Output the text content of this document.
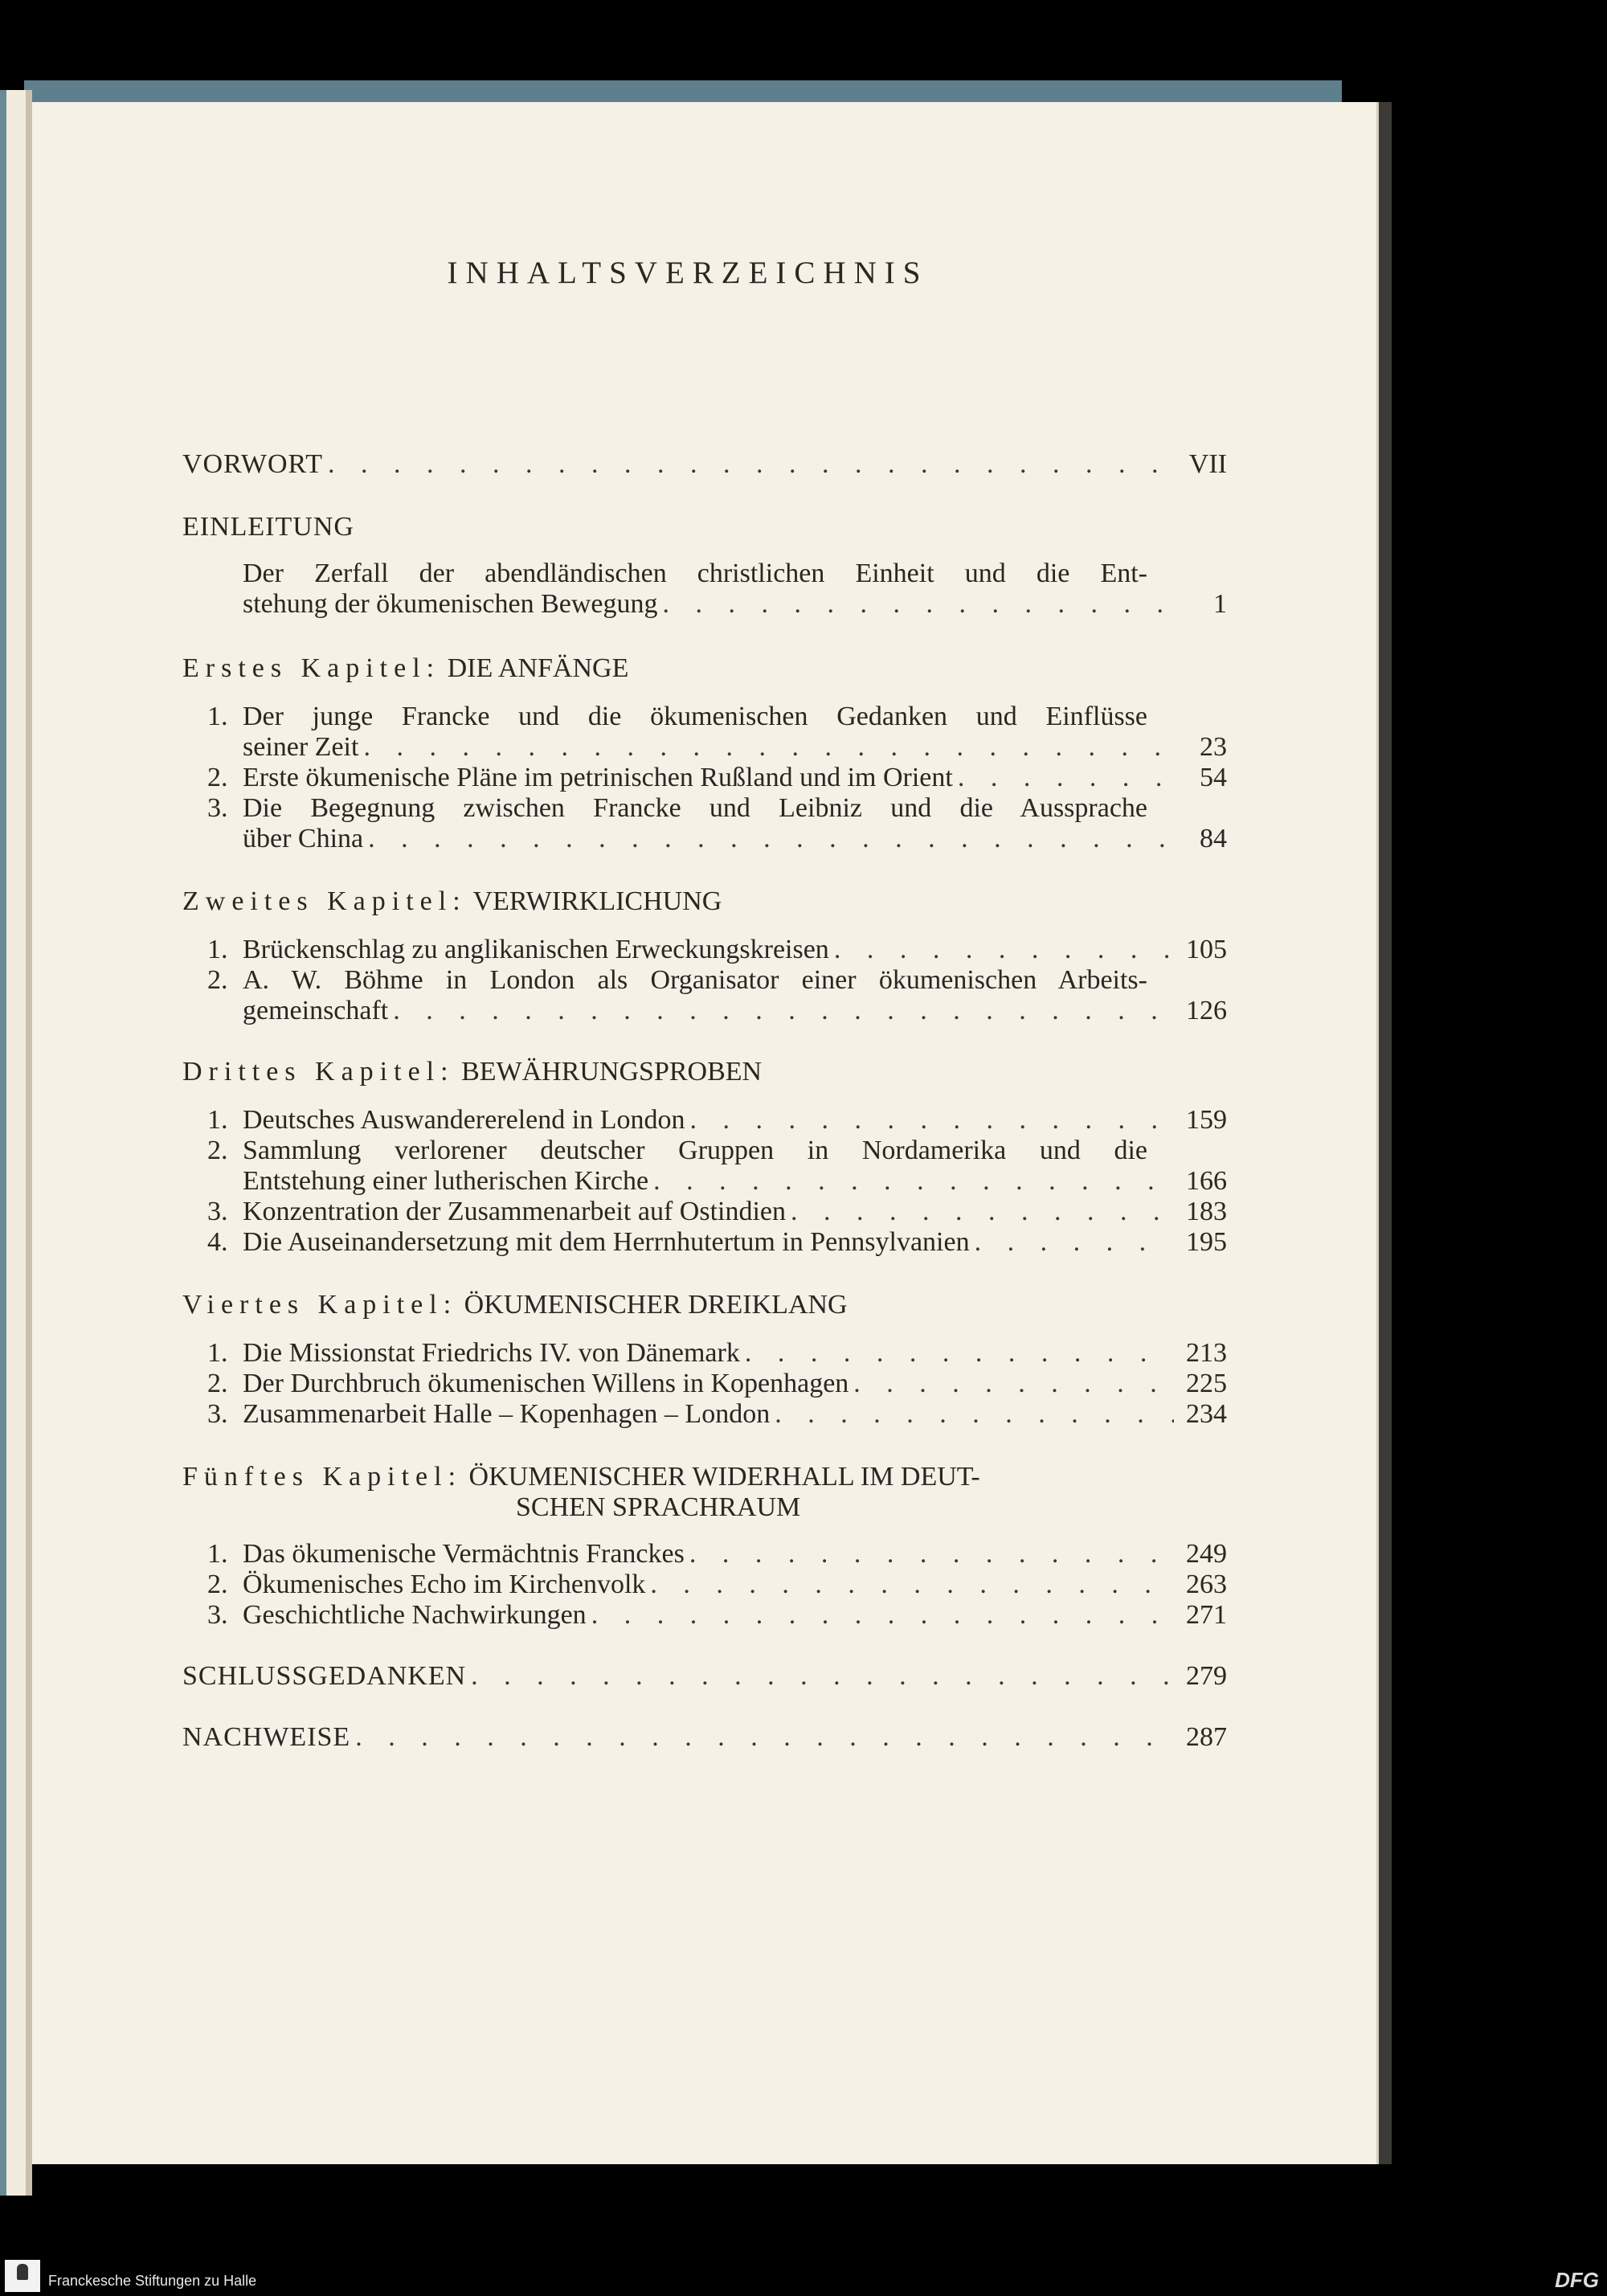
INHALTSVERZEICHNIS
VORWORT . . .	VII
EINLEITUNG
Der Zerfall der abendländischen christlichen Einheit und die Ent-
stehung der ökumenischen Bewegung . . .	1
Erstes Kapitel: DIE ANFÄNGE
1. Der junge Francke und die ökumenischen Gedanken und Einflüsse
seiner Zeit . . .	23
2. Erste ökumenische Pläne im petrinischen Rußland und im Orient . . .	54
3. Die Begegnung zwischen Francke und Leibniz und die Aussprache
über China . . .	84
Zweites Kapitel: VERWIRKLICHUNG
1. Brückenschlag zu anglikanischen Erweckungskreisen . . .	105
2. A. W. Böhme in London als Organisator einer ökumenischen Arbeits-
gemeinschaft . . .	126
Drittes Kapitel: BEWÄHRUNGSPROBEN
1. Deutsches Auswandererelend in London . . .	159
2. Sammlung verlorener deutscher Gruppen in Nordamerika und die
Entstehung einer lutherischen Kirche . . .	166
3. Konzentration der Zusammenarbeit auf Ostindien . . .	183
4. Die Auseinandersetzung mit dem Herrnhutertum in Pennsylvanien . . .	195
Viertes Kapitel: ÖKUMENISCHER DREIKLANG
1. Die Missionstat Friedrichs IV. von Dänemark . . .	213
2. Der Durchbruch ökumenischen Willens in Kopenhagen . . .	225
3. Zusammenarbeit Halle – Kopenhagen – London . . .	234
Fünftes Kapitel: ÖKUMENISCHER WIDERHALL IM DEUT-
SCHEN SPRACHRAUM
1. Das ökumenische Vermächtnis Franckes . . .	249
2. Ökumenisches Echo im Kirchenvolk . . .	263
3. Geschichtliche Nachwirkungen . . .	271
SCHLUSSGEDANKEN . . .	279
NACHWEISE . . .	287
Franckesche Stiftungen zu Halle	DFG
